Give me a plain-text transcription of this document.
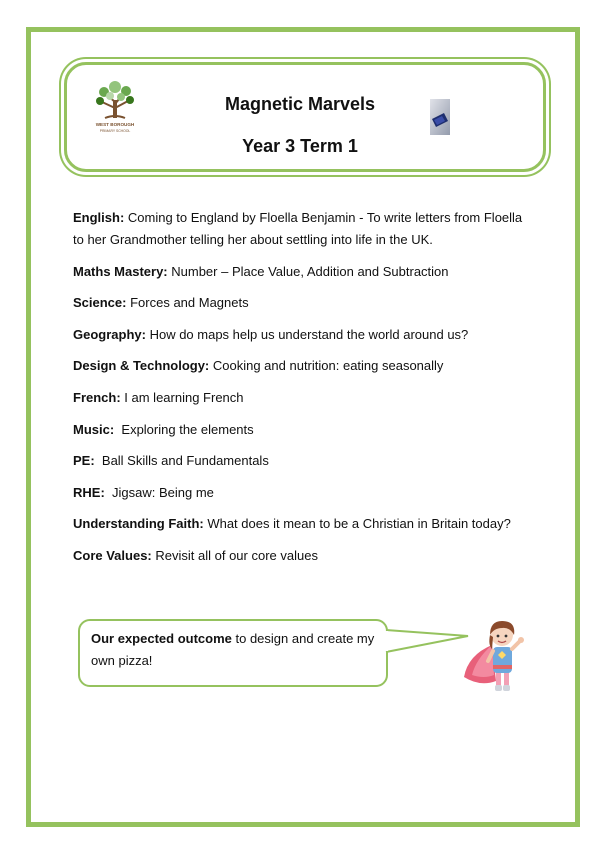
WEST BOROUGH
PRIMARY SCHOOL
Magnetic Marvels
Year 3 Term 1
English: Coming to England by Floella Benjamin - To write letters from Floella to her Grandmother telling her about settling into life in the UK.
Maths Mastery: Number – Place Value, Addition and Subtraction
Science: Forces and Magnets
Geography: How do maps help us understand the world around us?
Design & Technology: Cooking and nutrition: eating seasonally
French: I am learning French
Music:  Exploring the elements
PE:  Ball Skills and Fundamentals
RHE:  Jigsaw: Being me
Understanding Faith: What does it mean to be a Christian in Britain today?
Core Values: Revisit all of our core values
Our expected outcome to design and create my own pizza!
